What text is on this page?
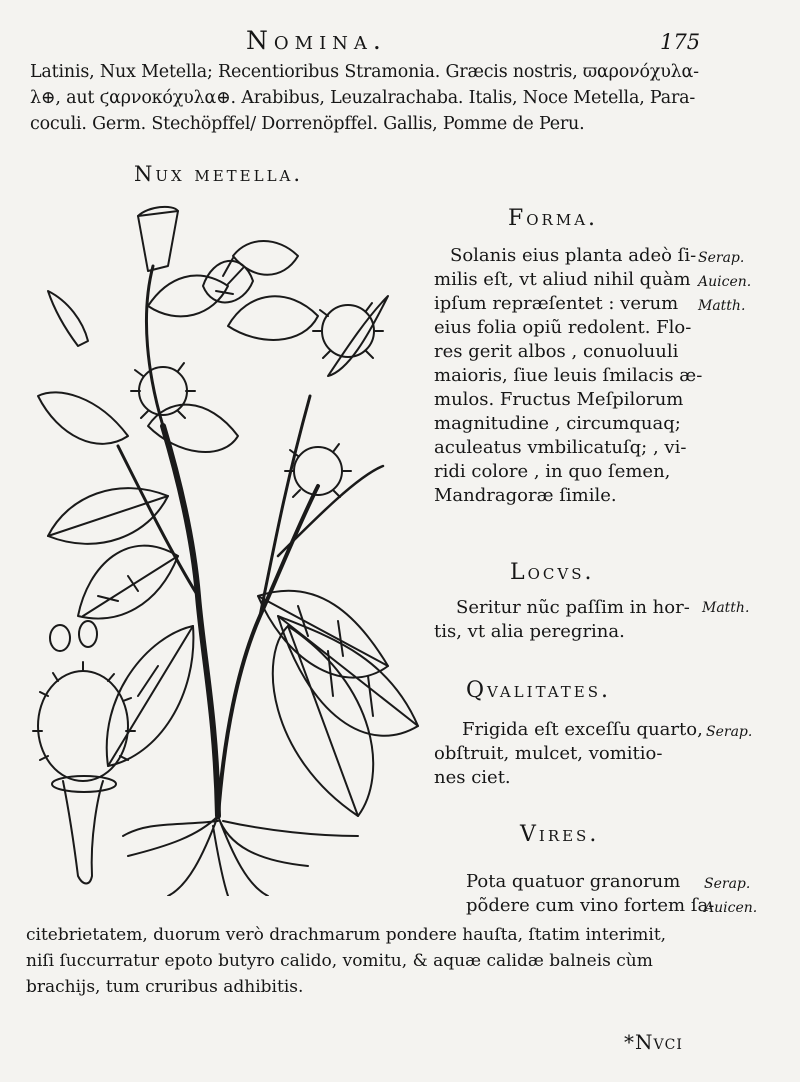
Nomina.	175
Latinis, Nux Metella; Recentioribus Stramonia. Græcis nostris, ϖαρονόχυλα-
λ⊕, aut ϛαρνοκόχυλα⊕. Arabibus, Leuzalrachaba. Italis, Noce Metella, Para-
coculi. Germ. Stechöpffel/ Dorrenöpffel. Gallis, Pomme de Peru.
Nux metella.
Forma.
Solanis eius planta adeò ſi-
milis eſt, vt aliud nihil quàm
ipſum repræſentet : verum
eius folia opiũ redolent. Flo-
res gerit albos , conuoluuli
maioris, ſiue leuis ſmilacis æ-
mulos. Fructus Meſpilorum
magnitudine , circumquaq;
aculeatus vmbilicatuſq; , vi-
ridi colore , in quo ſemen,
Mandragoræ ſimile.
Serap.
Auicen.
Matth.
Locvs.
Seritur nũc paſſim in hor-
tis, vt alia peregrina.
Matth.
Qvalitates.
Frigida eſt exceſſu quarto,
obſtruit, mulcet, vomitio-
nes ciet.
Serap.
Vires.
Pota quatuor granorum
põdere cum vino fortem ſa-
Serap.
Auicen.
citebrietatem, duorum verò drachmarum pondere hauſta, ſtatim interimit,
niſi ſuccurratur epoto butyro calido, vomitu, & aquæ calidæ balneis cùm
brachijs, tum cruribus adhibitis.
*Nvci
